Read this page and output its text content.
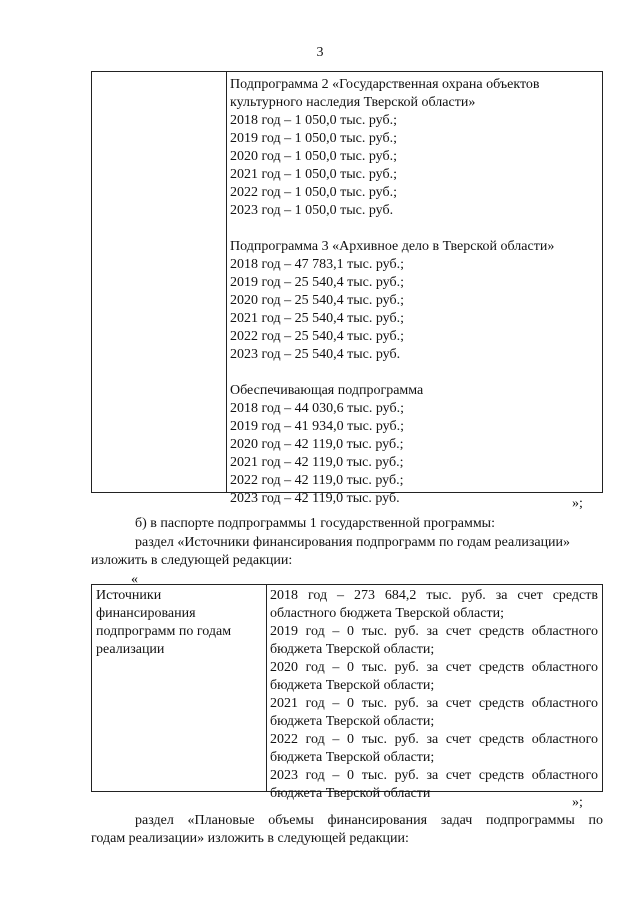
3
Подпрограмма 2 «Государственная охрана объектов
культурного наследия Тверской области»
2018 год – 1 050,0 тыс. руб.;
2019 год – 1 050,0 тыс. руб.;
2020 год – 1 050,0 тыс. руб.;
2021 год – 1 050,0 тыс. руб.;
2022 год – 1 050,0 тыс. руб.;
2023 год – 1 050,0 тыс. руб.
Подпрограмма 3 «Архивное дело в Тверской области»
2018 год – 47 783,1 тыс. руб.;
2019 год – 25 540,4 тыс. руб.;
2020 год – 25 540,4 тыс. руб.;
2021 год – 25 540,4 тыс. руб.;
2022 год – 25 540,4 тыс. руб.;
2023 год – 25 540,4 тыс. руб.
Обеспечивающая подпрограмма
2018 год – 44 030,6 тыс. руб.;
2019 год – 41 934,0 тыс. руб.;
2020 год – 42 119,0 тыс. руб.;
2021 год – 42 119,0 тыс. руб.;
2022 год – 42 119,0 тыс. руб.;
2023 год – 42 119,0 тыс. руб.	»;
б) в паспорте подпрограммы 1 государственной программы:
раздел «Источники финансирования подпрограмм по годам реализации»
изложить в следующей редакции:
«
Источники
финансирования
подпрограмм по годам
реализации
2018 год – 273 684,2 тыс. руб. за счет средств
областного бюджета Тверской области;
2019 год – 0 тыс. руб. за счет средств областного
бюджета Тверской области;
2020 год – 0 тыс. руб. за счет средств областного
бюджета Тверской области;
2021 год – 0 тыс. руб. за счет средств областного
бюджета Тверской области;
2022 год – 0 тыс. руб. за счет средств областного
бюджета Тверской области;
2023 год – 0 тыс. руб. за счет средств областного
бюджета Тверской области
»;
раздел «Плановые объемы финансирования задач подпрограммы по
годам реализации» изложить в следующей редакции:
